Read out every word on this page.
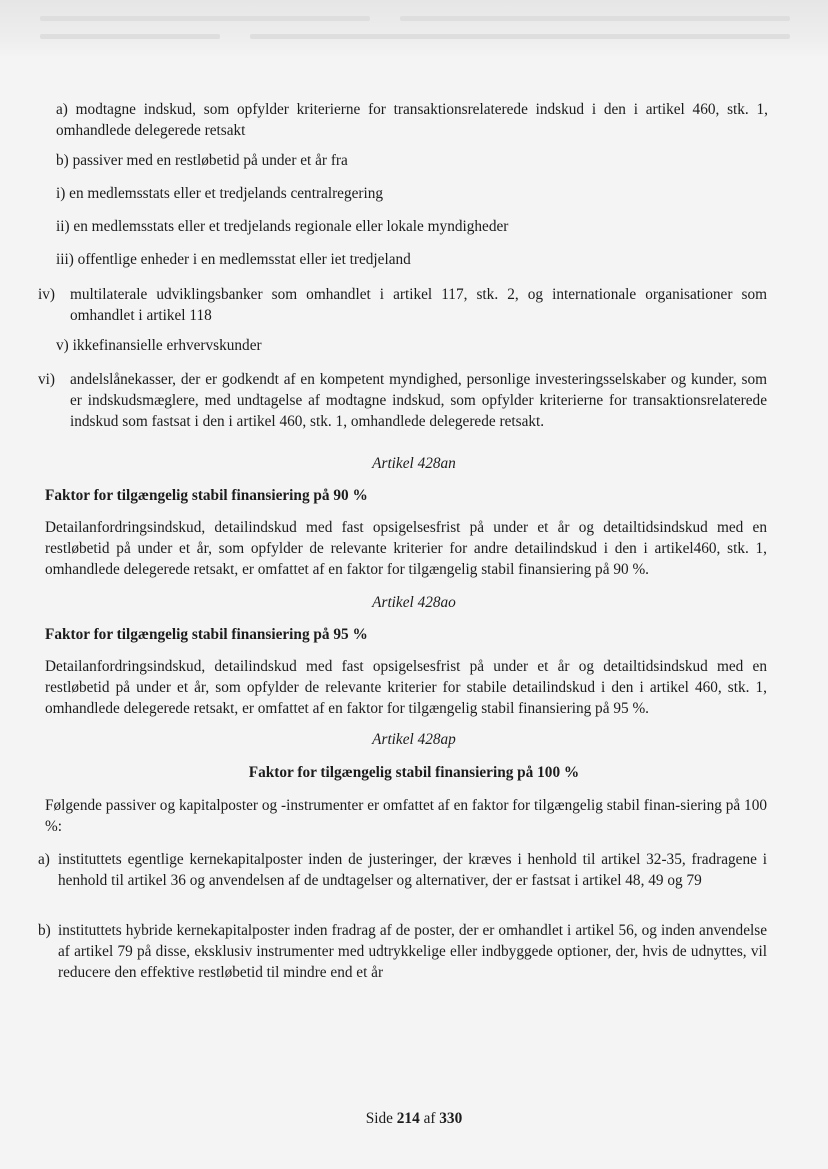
a) modtagne indskud, som opfylder kriterierne for transaktionsrelaterede indskud i den i artikel 460, stk. 1, omhandlede delegerede retsakt

b) passiver med en restløbetid på under et år fra

i) en medlemsstats eller et tredjelands centralregering

ii) en medlemsstats eller et tredjelands regionale eller lokale myndigheder

iii) offentlige enheder i en medlemsstat eller iet tredjeland

iv) multilaterale udviklingsbanker som omhandlet i artikel 117, stk. 2, og internationale organisationer som omhandlet i artikel 118

v) ikkefinansielle erhvervskunder

vi) andelslånekasser, der er godkendt af en kompetent myndighed, personlige investeringsselskaber og kunder, som er indskudsmæglere, med undtagelse af modtagne indskud, som opfylder kriterierne for transaktionsrelaterede indskud som fastsat i den i artikel 460, stk. 1, omhandlede delegerede retsakt.

Artikel 428an

Faktor for tilgængelig stabil finansiering på 90 %

Detailanfordringsindskud, detailindskud med fast opsigelsesfrist på under et år og detailtidsindskud med en restløbetid på under et år, som opfylder de relevante kriterier for andre detailindskud i den i artikel460, stk. 1, omhandlede delegerede retsakt, er omfattet af en faktor for tilgængelig stabil finansiering på 90 %.

Artikel 428ao

Faktor for tilgængelig stabil finansiering på 95 %

Detailanfordringsindskud, detailindskud med fast opsigelsesfrist på under et år og detailtidsindskud med en restløbetid på under et år, som opfylder de relevante kriterier for stabile detailindskud i den i artikel 460, stk. 1, omhandlede delegerede retsakt, er omfattet af en faktor for tilgængelig stabil finansiering på 95 %.

Artikel 428ap

Faktor for tilgængelig stabil finansiering på 100 %

Følgende passiver og kapitalposter og -instrumenter er omfattet af en faktor for tilgængelig stabil finan-siering på 100 %:

a) instituttets egentlige kernekapitalposter inden de justeringer, der kræves i henhold til artikel 32-35, fradragene i henhold til artikel 36 og anvendelsen af de undtagelser og alternativer, der er fastsat i artikel 48, 49 og 79

b) instituttets hybride kernekapitalposter inden fradrag af de poster, der er omhandlet i artikel 56, og inden anvendelse af artikel 79 på disse, eksklusiv instrumenter med udtrykkelige eller indbyggede optioner, der, hvis de udnyttes, vil reducere den effektive restløbetid til mindre end et år

Side 214 af 330
